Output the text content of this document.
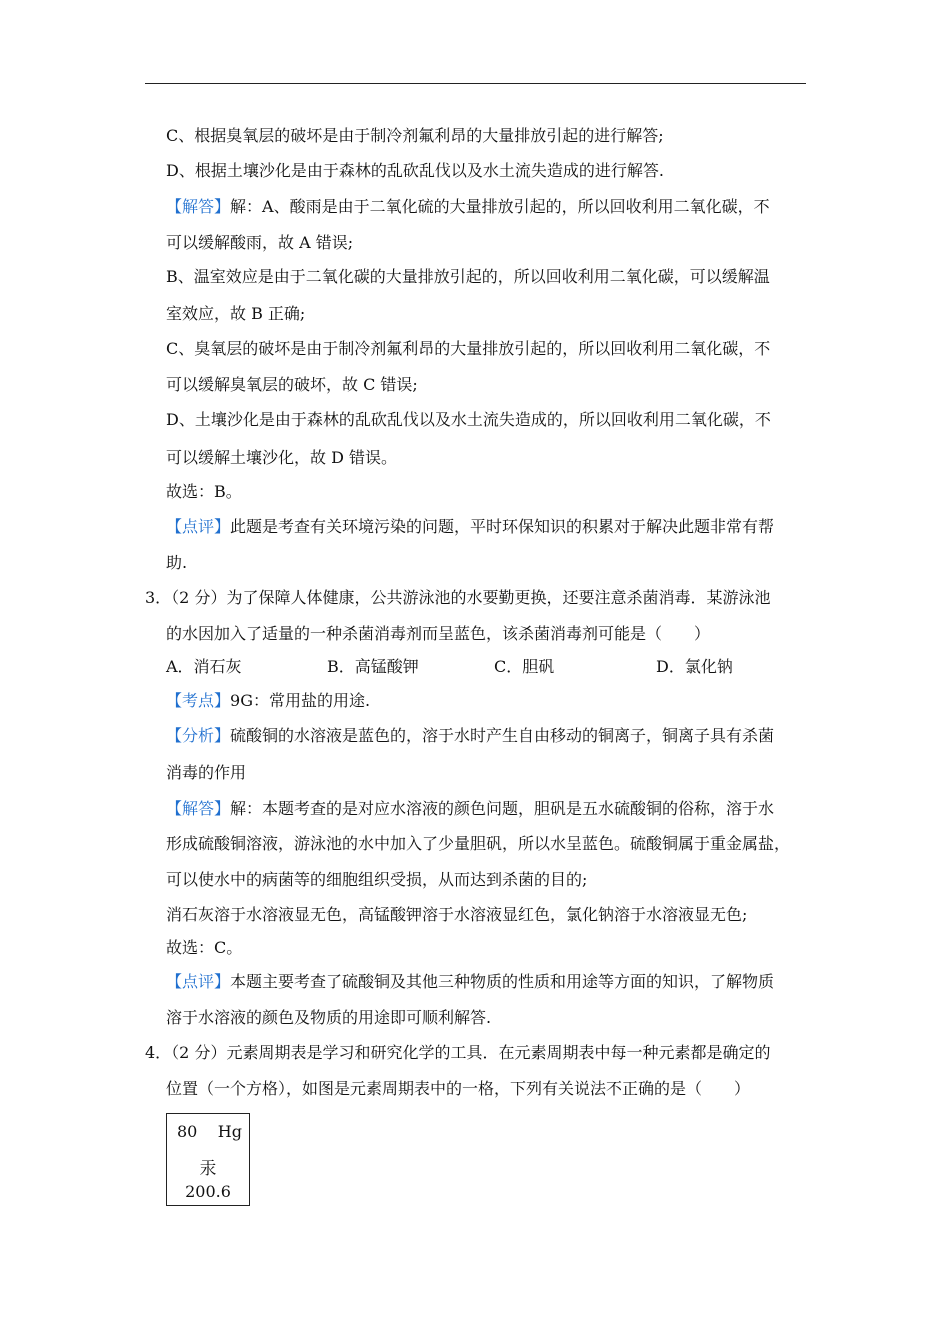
C、根据臭氧层的破坏是由于制冷剂氟利昂的大量排放引起的进行解答;
D、根据土壤沙化是由于森林的乱砍乱伐以及水土流失造成的进行解答.
【解答】解：A、酸雨是由于二氧化硫的大量排放引起的，所以回收利用二氧化碳，不
可以缓解酸雨，故 A 错误;
B、温室效应是由于二氧化碳的大量排放引起的，所以回收利用二氧化碳，可以缓解温
室效应，故 B 正确;
C、臭氧层的破坏是由于制冷剂氟利昂的大量排放引起的，所以回收利用二氧化碳，不
可以缓解臭氧层的破坏，故 C 错误;
D、土壤沙化是由于森林的乱砍乱伐以及水土流失造成的，所以回收利用二氧化碳，不
可以缓解土壤沙化，故 D 错误。
故选：B。
【点评】此题是考查有关环境污染的问题，平时环保知识的积累对于解决此题非常有帮
助.
3．（2 分）为了保障人体健康，公共游泳池的水要勤更换，还要注意杀菌消毒．某游泳池
的水因加入了适量的一种杀菌消毒剂而呈蓝色，该杀菌消毒剂可能是（　　）
【考点】9G：常用盐的用途.
【分析】硫酸铜的水溶液是蓝色的，溶于水时产生自由移动的铜离子，铜离子具有杀菌
消毒的作用
【解答】解：本题考查的是对应水溶液的颜色问题，胆矾是五水硫酸铜的俗称，溶于水
形成硫酸铜溶液，游泳池的水中加入了少量胆矾，所以水呈蓝色。硫酸铜属于重金属盐，
可以使水中的病菌等的细胞组织受损，从而达到杀菌的目的;
消石灰溶于水溶液显无色，高锰酸钾溶于水溶液显红色，氯化钠溶于水溶液显无色;
故选：C。
【点评】本题主要考查了硫酸铜及其他三种物质的性质和用途等方面的知识，了解物质
溶于水溶液的颜色及物质的用途即可顺利解答.
4．（2 分）元素周期表是学习和研究化学的工具．在元素周期表中每一种元素都是确定的
位置（一个方格），如图是元素周期表中的一格，下列有关说法不正确的是（　　）
A．消石灰	B．高锰酸钾	C．胆矾	D．氯化钠
80 Hg
汞
200.6
